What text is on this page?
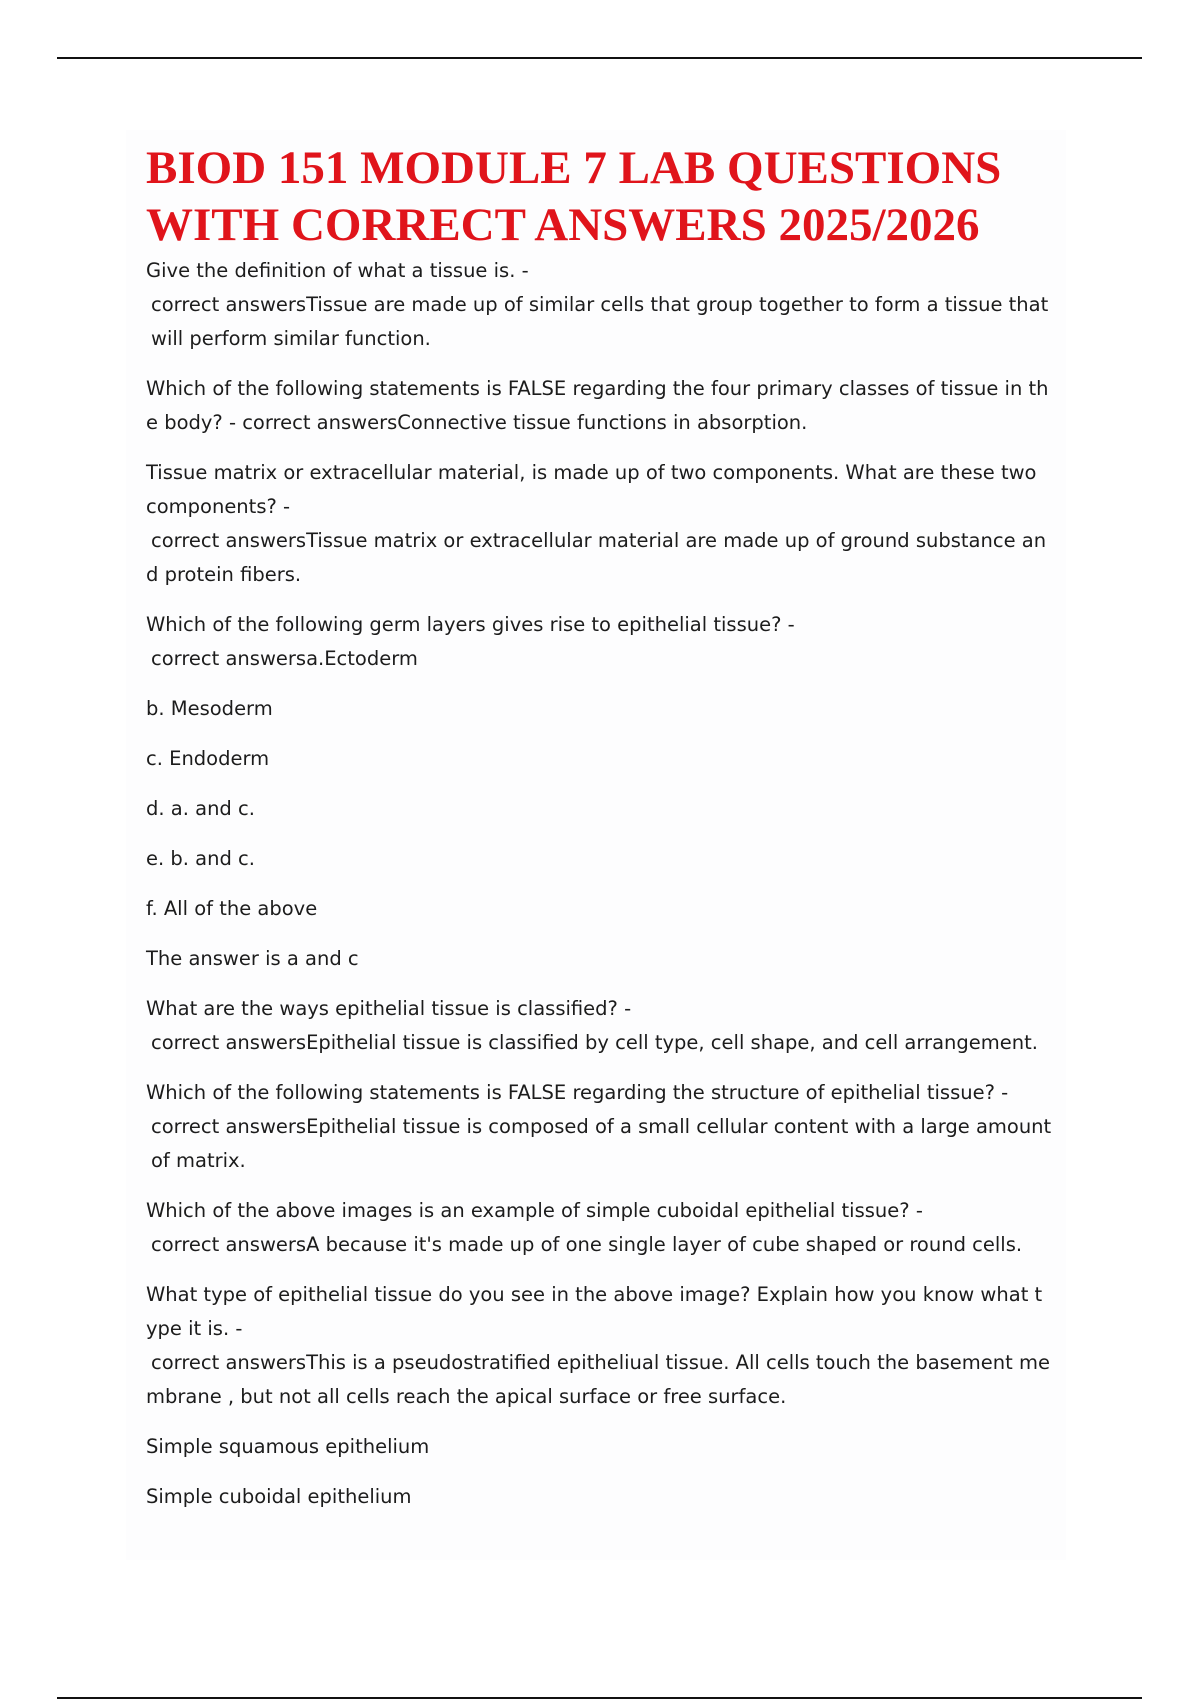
BIOD 151 MODULE 7 LAB QUESTIONS
WITH CORRECT ANSWERS 2025/2026
Give the definition of what a tissue is. -
correct answersTissue are made up of similar cells that group together to form a tissue that
will perform similar function.
Which of the following statements is FALSE regarding the four primary classes of tissue in th
e body? - correct answersConnective tissue functions in absorption.
Tissue matrix or extracellular material, is made up of two components. What are these two
components? -
correct answersTissue matrix or extracellular material are made up of ground substance an
d protein fibers.
Which of the following germ layers gives rise to epithelial tissue? -
correct answersa.Ectoderm
b. Mesoderm
c. Endoderm
d. a. and c.
e. b. and c.
f. All of the above
The answer is a and c
What are the ways epithelial tissue is classified? -
correct answersEpithelial tissue is classified by cell type, cell shape, and cell arrangement.
Which of the following statements is FALSE regarding the structure of epithelial tissue? -
correct answersEpithelial tissue is composed of a small cellular content with a large amount
of matrix.
Which of the above images is an example of simple cuboidal epithelial tissue? -
correct answersA because it's made up of one single layer of cube shaped or round cells.
What type of epithelial tissue do you see in the above image? Explain how you know what t
ype it is. -
correct answersThis is a pseudostratified epitheliual tissue. All cells touch the basement me
mbrane , but not all cells reach the apical surface or free surface.
Simple squamous epithelium
Simple cuboidal epithelium
